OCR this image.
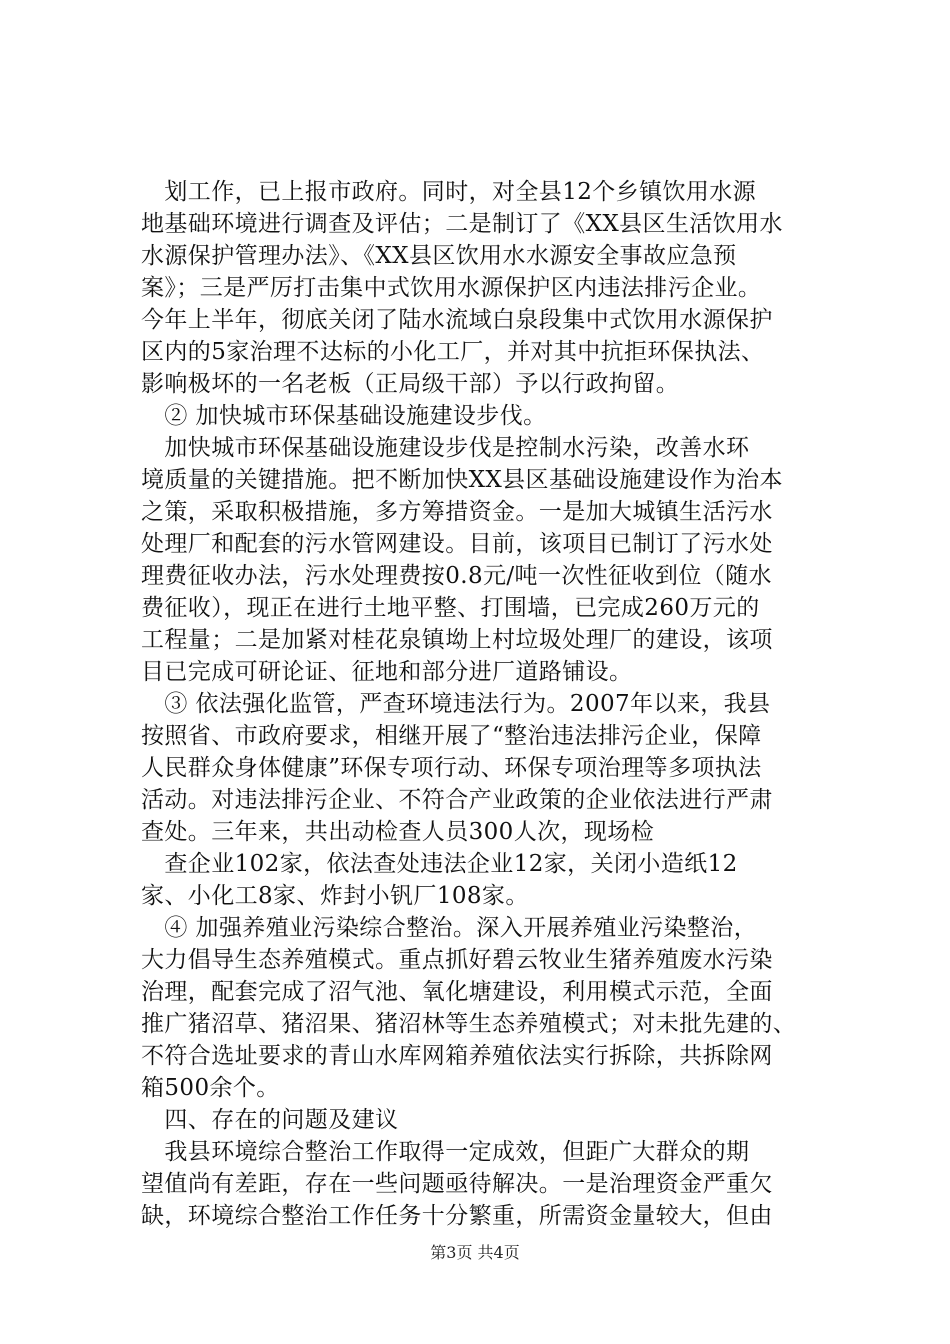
　划工作，已上报市政府。同时，对全县12个乡镇饮用水源
地基础环境进行调查及评估；二是制订了《XX县区生活饮用水
水源保护管理办法》、《XX县区饮用水水源安全事故应急预
案》；三是严厉打击集中式饮用水源保护区内违法排污企业。
今年上半年，彻底关闭了陆水流域白泉段集中式饮用水源保护
区内的5家治理不达标的小化工厂，并对其中抗拒环保执法、
影响极坏的一名老板（正局级干部）予以行政拘留。
　② 加快城市环保基础设施建设步伐。
　加快城市环保基础设施建设步伐是控制水污染，改善水环
境质量的关键措施。把不断加快XX县区基础设施建设作为治本
之策，采取积极措施，多方筹措资金。一是加大城镇生活污水
处理厂和配套的污水管网建设。目前，该项目已制订了污水处
理费征收办法，污水处理费按0.8元/吨一次性征收到位（随水
费征收），现正在进行土地平整、打围墙，已完成260万元的
工程量；二是加紧对桂花泉镇坳上村垃圾处理厂的建设，该项
目已完成可研论证、征地和部分进厂道路铺设。
　③ 依法强化监管，严查环境违法行为。2007年以来，我县
按照省、市政府要求，相继开展了“整治违法排污企业，保障
人民群众身体健康”环保专项行动、环保专项治理等多项执法
活动。对违法排污企业、不符合产业政策的企业依法进行严肃
查处。三年来，共出动检查人员300人次，现场检
　查企业102家，依法查处违法企业12家，关闭小造纸12
家、小化工8家、炸封小钒厂108家。
　④ 加强养殖业污染综合整治。深入开展养殖业污染整治，
大力倡导生态养殖模式。重点抓好碧云牧业生猪养殖废水污染
治理，配套完成了沼气池、氧化塘建设，利用模式示范，全面
推广猪沼草、猪沼果、猪沼林等生态养殖模式；对未批先建的、
不符合选址要求的青山水库网箱养殖依法实行拆除，共拆除网
箱500余个。
　四、存在的问题及建议
　我县环境综合整治工作取得一定成效，但距广大群众的期
望值尚有差距，存在一些问题亟待解决。一是治理资金严重欠
缺，环境综合整治工作任务十分繁重，所需资金量较大，但由
第3页 共4页
